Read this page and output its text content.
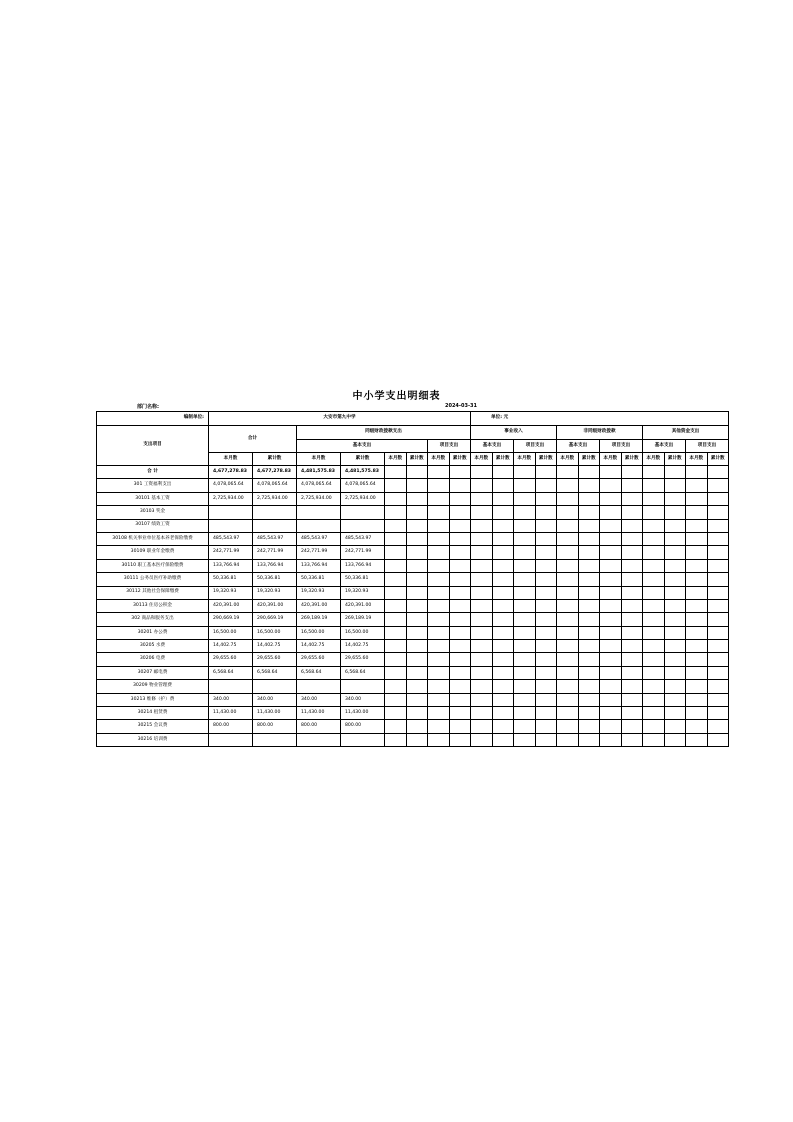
中小学支出明细表
部门名称:	2024-03-31
编制单位:	大安市第九中学								单位: 元											
支出项目	合计		同级财政拨款支出						事业收入				非同级财政拨款				其他资金支出			
			基本支出				项目支出		基本支出		项目支出		基本支出		项目支出		基本支出		项目支出	
	本月数	累计数	本月数	累计数	本月数	累计数	本月数	累计数	本月数	累计数	本月数	累计数	本月数	累计数	本月数	累计数	本月数	累计数	本月数	累计数
合 计	4,677,278.83	4,677,278.83	4,481,575.83	4,481,575.83																
301 工资福利支出	4,078,065.64	4,078,065.64	4,078,065.64	4,078,065.64																
30101 基本工资	2,725,934.00	2,725,934.00	2,725,934.00	2,725,934.00																
30103 奖金																				
30107 绩效工资																				
30108 机关事业单位基本养老保险缴费	485,543.97	485,543.97	485,543.97	485,543.97																
30109 职业年金缴费	242,771.99	242,771.99	242,771.99	242,771.99																
30110 职工基本医疗保险缴费	133,766.94	133,766.94	133,766.94	133,766.94																
30111 公务员医疗补助缴费	50,336.81	50,336.81	50,336.81	50,336.81																
30112 其他社会保障缴费	19,320.93	19,320.93	19,320.93	19,320.93																
30113 住房公积金	420,391.00	420,391.00	420,391.00	420,391.00																
302 商品和服务支出	290,669.19	290,669.19	269,189.19	269,189.19																
30201 办公费	16,500.00	16,500.00	16,500.00	16,500.00																
30205 水费	14,402.75	14,402.75	14,402.75	14,402.75																
30206 电费	29,655.60	29,655.60	29,655.60	29,655.60																
30207 邮电费	6,568.64	6,568.64	6,568.64	6,568.64																
30209 物业管理费																				
30213 维修（护）费	340.00	340.00	340.00	340.00																
30214 租赁费	11,430.00	11,430.00	11,430.00	11,430.00																
30215 会议费	800.00	800.00	800.00	800.00																
30216 培训费																				
